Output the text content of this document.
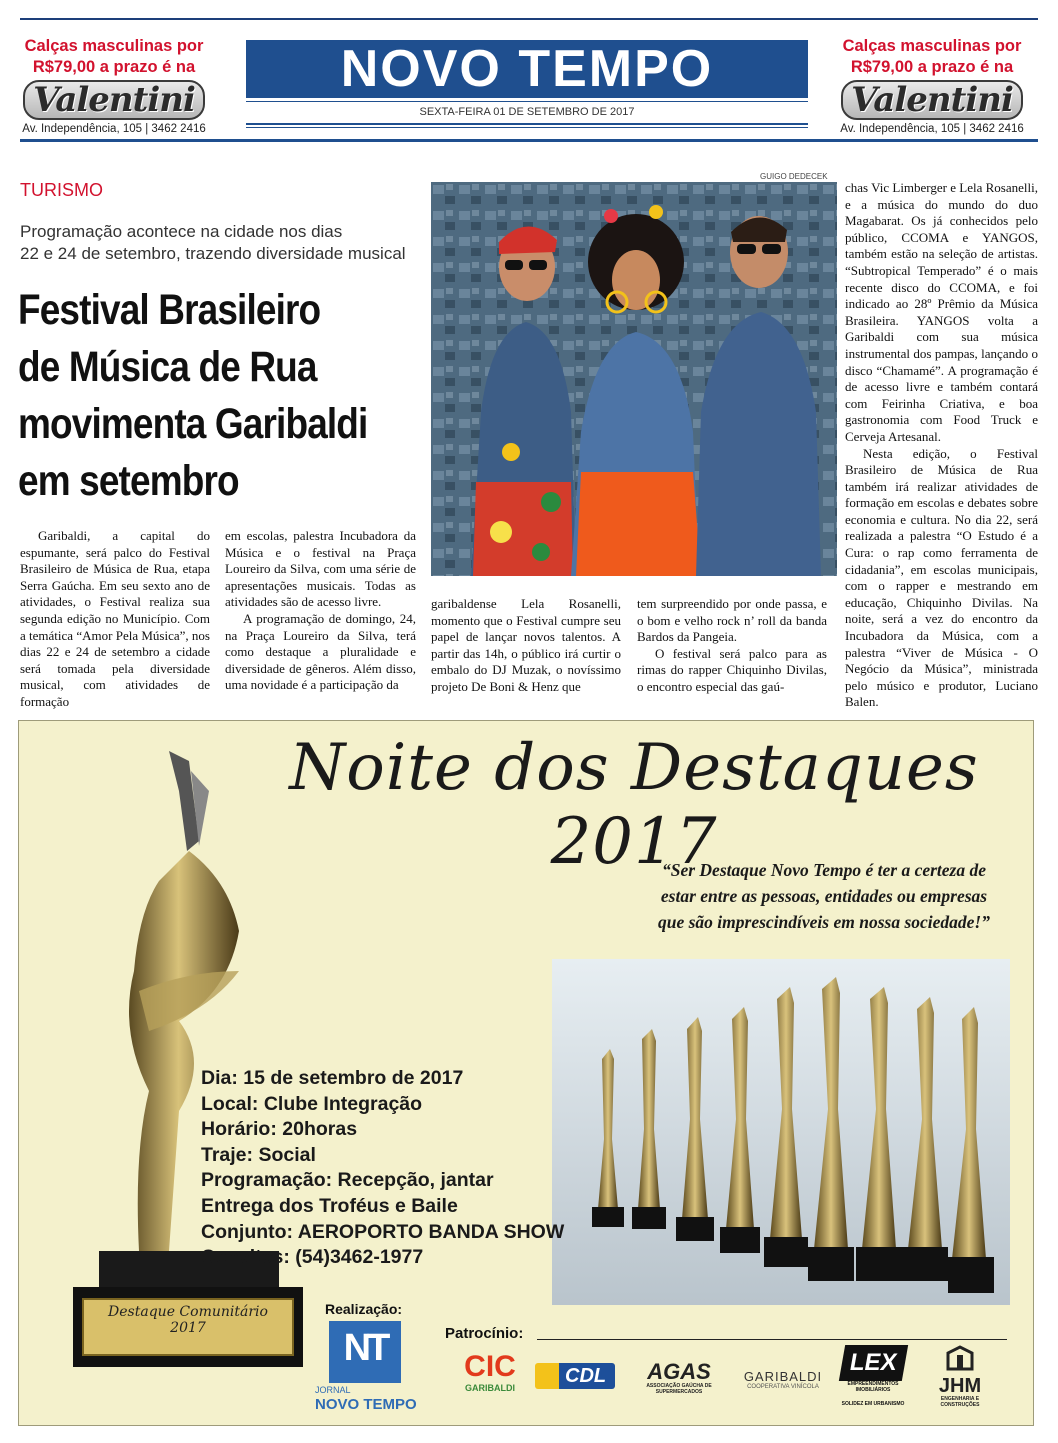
Calças masculinas por
R$79,00 a prazo é na
Valentini
Av. Independência, 105 | 3462 2416
NOVO TEMPO
SEXTA-FEIRA 01 DE SETEMBRO DE 2017
Calças masculinas por
R$79,00 a prazo é na
Valentini
Av. Independência, 105 | 3462 2416
TURISMO
Programação acontece na cidade nos dias
22 e 24 de setembro, trazendo diversidade musical
Festival Brasileiro
de Música de Rua
movimenta Garibaldi
em setembro

Garibaldi, a capital do espumante, será palco do Festival Brasileiro de Música de Rua, etapa Serra Gaúcha. Em seu sexto ano de atividades, o Festival realiza sua segunda edição no Município. Com a temática “Amor Pela Música”, nos dias 22 e 24 de setembro a cidade será tomada pela diversidade musical, com atividades de formação

em escolas, palestra Incubadora da Música e o festival na Praça Loureiro da Silva, com uma série de apresentações musicais. Todas as atividades são de acesso livre.

A programação de domingo, 24, na Praça Loureiro da Silva, terá como destaque a pluralidade e diversidade de gêneros. Além disso, uma novidade é a participação da

GUIGO DEDECEK

garibaldense Lela Rosanelli, momento que o Festival cumpre seu papel de lançar novos talentos. A partir das 14h, o público irá curtir o embalo do DJ Muzak, o novíssimo projeto De Boni & Henz que

tem surpreendido por onde passa, e o bom e velho rock n’ roll da banda Bardos da Pangeia.

O festival será palco para as rimas do rapper Chiquinho Divilas, o encontro especial das gaú-

chas Vic Limberger e Lela Rosanelli, e a música do mundo do duo Magabarat. Os já conhecidos pelo público, CCOMA e YANGOS, também estão na seleção de artistas. “Subtropical Temperado” é o mais recente disco do CCOMA, e foi indicado ao 28º Prêmio da Música Brasileira. YANGOS volta a Garibaldi com sua música instrumental dos pampas, lançando o disco “Chamamé”. A programação é de acesso livre e também contará com Feirinha Criativa, e boa gastronomia com Food Truck e Cerveja Artesanal.

Nesta edição, o Festival Brasileiro de Música de Rua também irá realizar atividades de formação em escolas e debates sobre economia e cultura. No dia 22, será realizada a palestra “O Estudo é a Cura: o rap como ferramenta de cidadania”, em escolas municipais, com o rapper e mestrando em educação, Chiquinho Divilas. Na noite, será a vez do encontro da Incubadora da Música, com a palestra “Viver de Música - O Negócio da Música”, ministrada pelo músico e produtor, Luciano Balen.

Destaque Comunitário
2017
Noite dos Destaques 2017
“Ser Destaque Novo Tempo é ter a certeza de
estar entre as pessoas, entidades ou empresas
que são imprescindíveis em nossa sociedade!”
Dia: 15 de setembro de 2017
Local: Clube Integração
Horário: 20horas
Traje: Social
Programação: Recepção, jantar
Entrega dos Troféus e Baile
Conjunto: AEROPORTO BANDA SHOW
Convites: (54)3462-1977
Realização:
NT
JORNAL
NOVO TEMPO
Patrocínio:
CIC
GARIBALDI
CDL	AGAS
ASSOCIAÇÃO GAÚCHA DE SUPERMERCADOS
GARIBALDI
COOPERATIVA VINÍCOLA
LEX
EMPREENDIMENTOS IMOBILIÁRIOS
SOLIDEZ EM URBANISMO
JHM
ENGENHARIA E CONSTRUÇÕES
